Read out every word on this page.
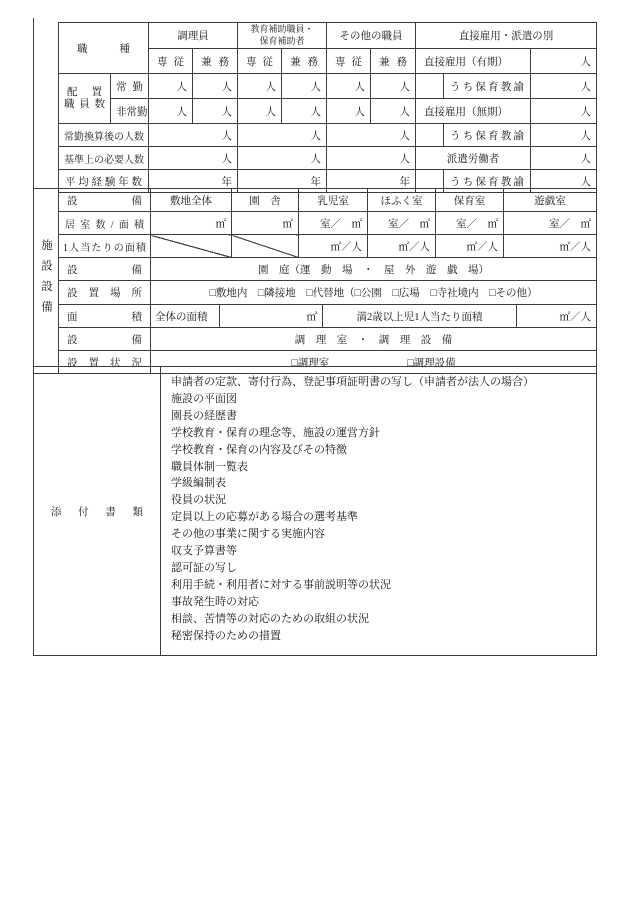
職種		調理員		教育補助職員・
保育補助者		その他の職員		直接雇用・派遣の別		
		専従	兼務	専従	兼務	専従	兼務	直接雇用（有期）		人

配置
職員数	常勤	人	人	人	人	人	人		うち保育教諭	人
	非常勤	人	人	人	人	人	人	直接雇用（無期）		人
常勤換算後の人数		人		人		人			うち保育教諭	人
基準上の必要人数		人		人		人		派遣労働者		人
平均経験年数		年		年		年			うち保育教諭	人
施設設備	設備	敷地全体	園　舎	乳児室	ほふく室	保育室	遊戯室
	居室数/面積	㎡	㎡	室／　㎡	室／　㎡	室／　㎡	室／　㎡
	1人当たりの面積			㎡／人	㎡／人	㎡／人	㎡／人
	設備	園　庭（運　動　場　・　屋　外　遊　戯　場）					
	設置場所	□敷地内　□隣接地　□代替地（□公園　□広場　□寺社境内　□その他）					
	面積	全体の面積 ㎡ 満2歳以上児1人当たり面積 ㎡／人					

	設備	調　理　室　・　調　理　設　備					
	設置状況	□調理室 □調理設備					
添付書類	
申請者の定款、寄付行為、登記事項証明書の写し（申請者が法人の場合）
施設の平面図
園長の経歴書
学校教育・保育の理念等、施設の運営方針
学校教育・保育の内容及びその特徴
職員体制一覧表
学級編制表
役員の状況
定員以上の応募がある場合の選考基準
その他の事業に関する実施内容
収支予算書等
認可証の写し
利用手続・利用者に対する事前説明等の状況
事故発生時の対応
相談、苦情等の対応のための取組の状況
秘密保持のための措置
